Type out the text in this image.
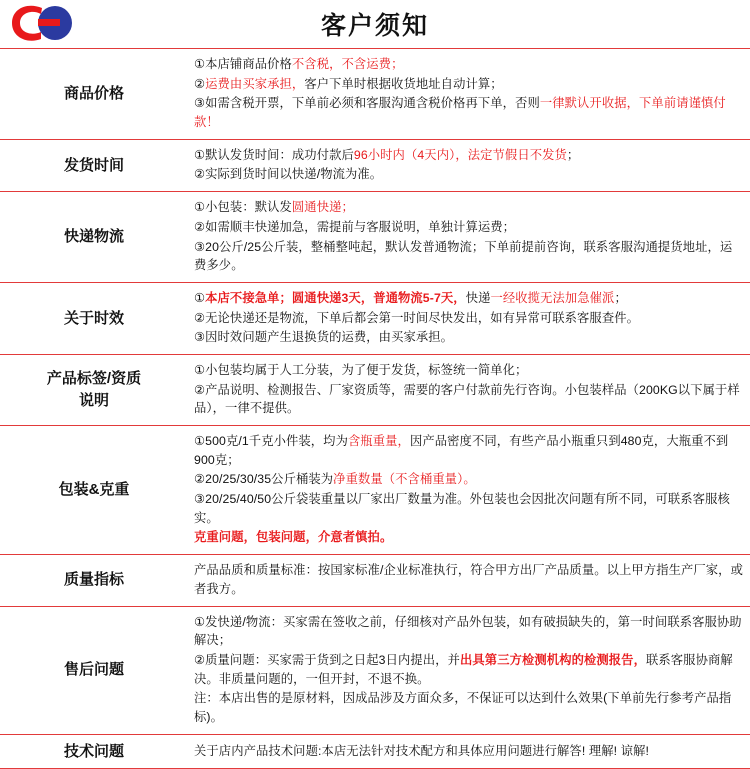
客户须知
商品价格	①本店铺商品价格不含税，不含运费；

②运费由买家承担，客户下单时根据收货地址自动计算；

③如需含税开票，下单前必须和客服沟通含税价格再下单，否则一律默认开收据，下单前请谨慎付款！

发货时间	①默认发货时间：成功付款后96小时内（4天内），法定节假日不发货；

②实际到货时间以快递/物流为准。

快递物流	①小包装：默认发圆通快递；

②如需顺丰快递加急，需提前与客服说明，单独计算运费；

③20公斤/25公斤装，整桶整吨起，默认发普通物流；下单前提前咨询，联系客服沟通提货地址，运费多少。

关于时效	①本店不接急单；圆通快递3天，普通物流5-7天，快递一经收揽无法加急催派；

②无论快递还是物流，下单后都会第一时间尽快发出，如有异常可联系客服查件。

③因时效问题产生退换货的运费，由买家承担。

产品标签/资质
说明	

①小包装均属于人工分装，为了便于发货，标签统一简单化；

②产品说明、检测报告、厂家资质等，需要的客户付款前先行咨询。小包装样品（200KG以下属于样品），一律不提供。

包装&克重	①500克/1千克小件装，均为含瓶重量，因产品密度不同，有些产品小瓶重只到480克，大瓶重不到900克；

②20/25/30/35公斤桶装为净重数量（不含桶重量）。

③20/25/40/50公斤袋装重量以厂家出厂数量为准。外包装也会因批次问题有所不同，可联系客服核实。

克重问题，包装问题，介意者慎拍。

质量指标	产品品质和质量标准：按国家标准/企业标准执行，符合甲方出厂产品质量。以上甲方指生产厂家，或者我方。

售后问题	①发快递/物流：买家需在签收之前，仔细核对产品外包装，如有破损缺失的，第一时间联系客服协助解决；

②质量问题：买家需于货到之日起3日内提出，并出具第三方检测机构的检测报告，联系客服协商解决。非质量问题的，一但开封，不退不换。

注：本店出售的是原材料，因成品涉及方面众多，不保证可以达到什么效果(下单前先行参考产品指标)。

技术问题	关于店内产品技术问题:本店无法针对技术配方和具体应用问题进行解答! 理解! 谅解!
